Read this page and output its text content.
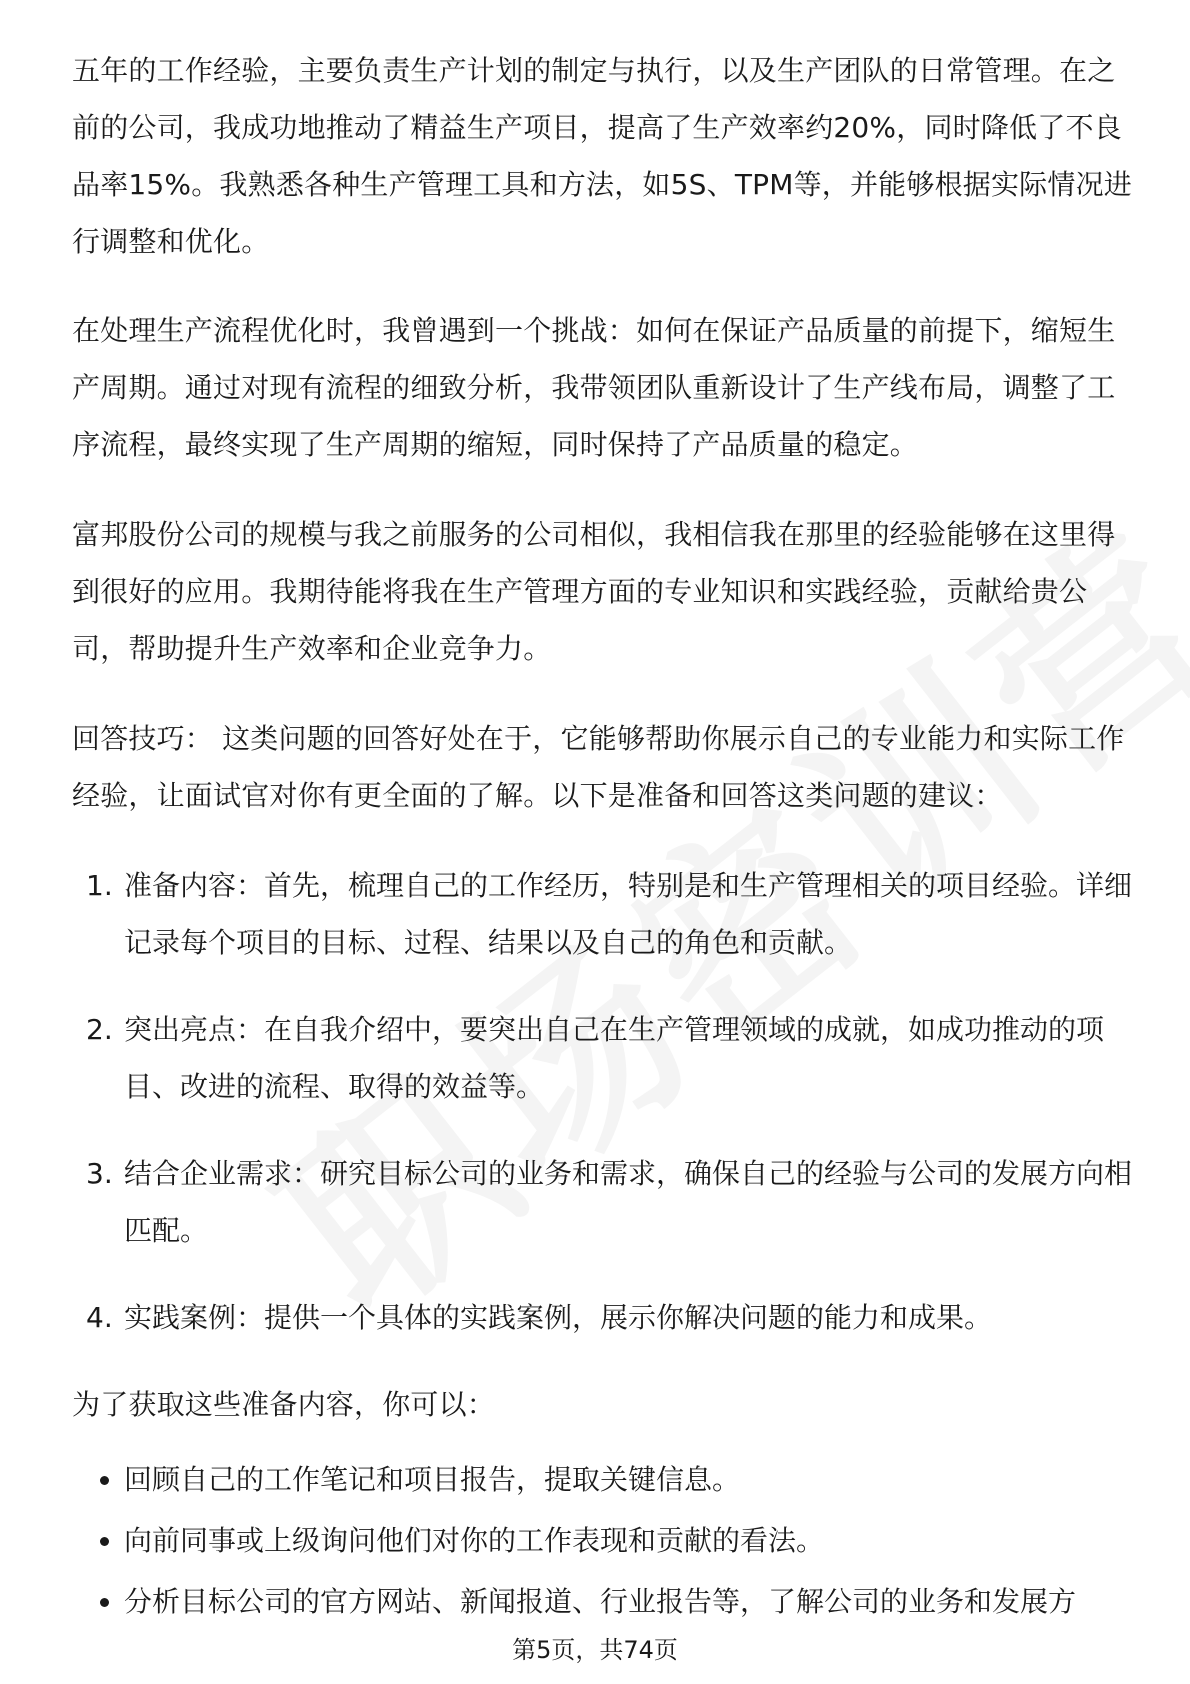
五年的工作经验，主要负责生产计划的制定与执行，以及生产团队的日常管理。在之前的公司，我成功地推动了精益生产项目，提高了生产效率约20%，同时降低了不良品率15%。我熟悉各种生产管理工具和方法，如5S、TPM等，并能够根据实际情况进行调整和优化。

在处理生产流程优化时，我曾遇到一个挑战：如何在保证产品质量的前提下，缩短生产周期。通过对现有流程的细致分析，我带领团队重新设计了生产线布局，调整了工序流程，最终实现了生产周期的缩短，同时保持了产品质量的稳定。

富邦股份公司的规模与我之前服务的公司相似，我相信我在那里的经验能够在这里得到很好的应用。我期待能将我在生产管理方面的专业知识和实践经验，贡献给贵公司，帮助提升生产效率和企业竞争力。

回答技巧： 这类问题的回答好处在于，它能够帮助你展示自己的专业能力和实际工作经验，让面试官对你有更全面的了解。以下是准备和回答这类问题的建议：

1. 准备内容：首先，梳理自己的工作经历，特别是和生产管理相关的项目经验。详细记录每个项目的目标、过程、结果以及自己的角色和贡献。
2. 突出亮点：在自我介绍中，要突出自己在生产管理领域的成就，如成功推动的项目、改进的流程、取得的效益等。
3. 结合企业需求：研究目标公司的业务和需求，确保自己的经验与公司的发展方向相匹配。
4. 实践案例：提供一个具体的实践案例，展示你解决问题的能力和成果。

为了获取这些准备内容，你可以：

回顾自己的工作笔记和项目报告，提取关键信息。
向前同事或上级询问他们对你的工作表现和贡献的看法。
分析目标公司的官方网站、新闻报道、行业报告等，了解公司的业务和发展方
第5页，共74页
